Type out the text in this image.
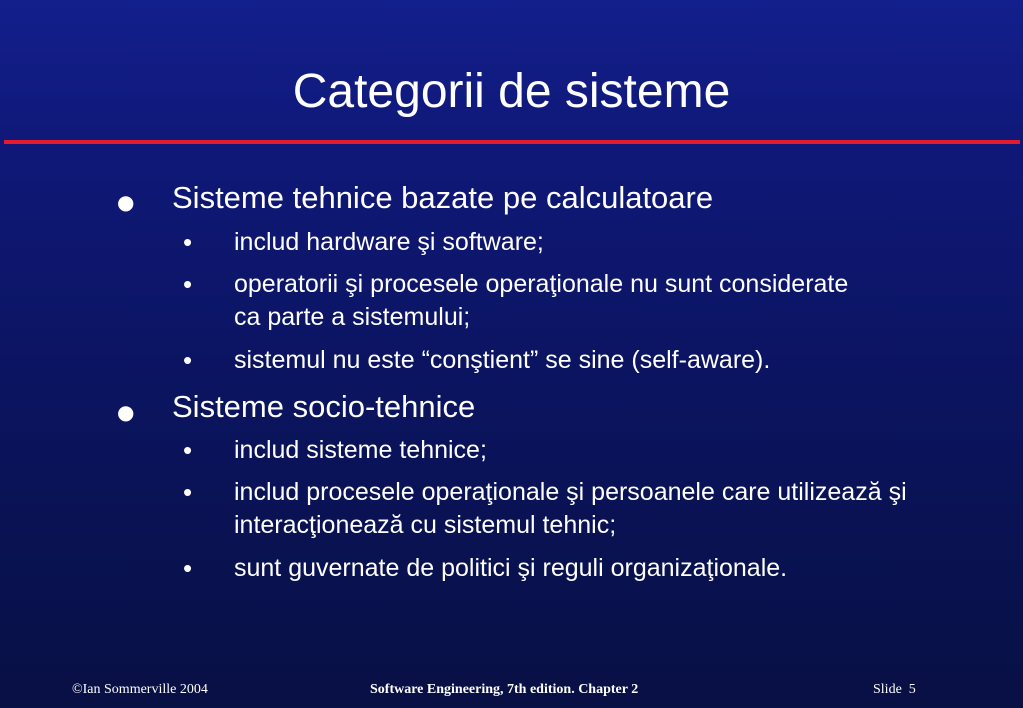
Categorii de sisteme
● Sisteme tehnice bazate pe calculatoare
• includ hardware şi software;
• operatorii şi procesele operaţionale nu sunt considerate ca parte a sistemului;
• sistemul nu este “conştient” se sine (self-aware).
● Sisteme socio-tehnice
• includ sisteme tehnice;
• includ procesele operaţionale şi persoanele care utilizează şi interacţionează cu sistemul tehnic;
• sunt guvernate de politici şi reguli organizaţionale.
©Ian Sommerville 2004	Software Engineering, 7th edition. Chapter 2	Slide 5
